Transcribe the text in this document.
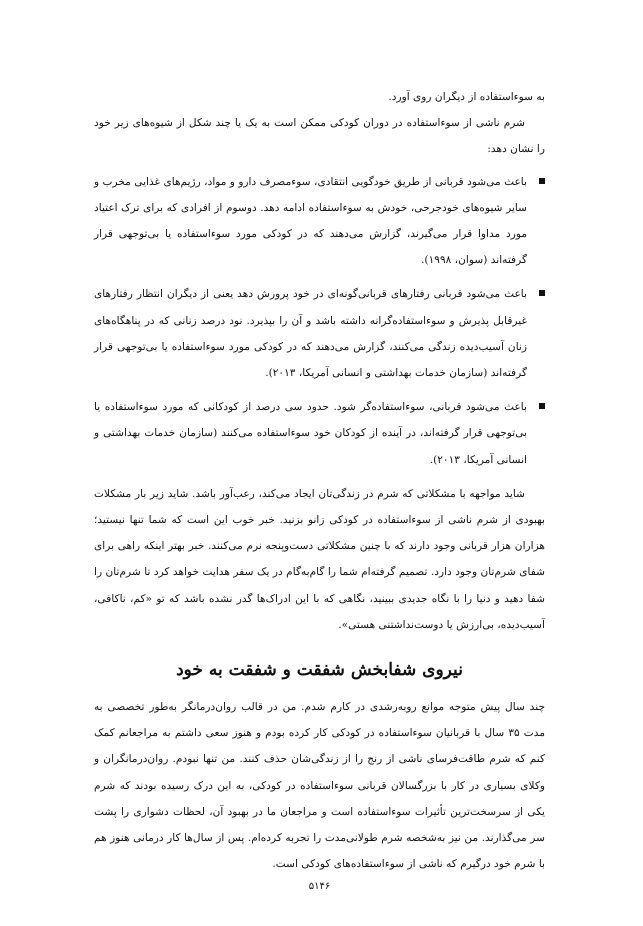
به سوءاستفاده از دیگران روی آورد.

شرم ناشی از سوءاستفاده در دوران کودکی ممکن است به یک یا چند شکل از شیوه‌های زیر خود را نشان دهد:

باعث می‌شود قربانی از طریق خودگویی انتقادی، سوءمصرف دارو و مواد، رژیم‌های غذایی مخرب و سایر شیوه‌های خودجرحی، خودش به سوءاستفاده ادامه دهد. دوسوم از افرادی که برای ترک اعتیاد مورد مداوا قرار می‌گیرند، گزارش می‌دهند که در کودکی مورد سوءاستفاده یا بی‌توجهی قرار گرفته‌اند (سوان، ۱۹۹۸).
باعث می‌شود قربانی رفتارهای قربانی‌گونه‌ای در خود پرورش دهد یعنی از دیگران انتظار رفتارهای غیرقابل پذیرش و سوءاستفاده‌گرانه داشته باشد و آن را بپذیرد. نود درصد زنانی که در پناهگاه‌های زنان آسیب‌دیده زندگی می‌کنند، گزارش می‌دهند که در کودکی مورد سوءاستفاده یا بی‌توجهی قرار گرفته‌اند (سازمان خدمات بهداشتی و انسانی آمریکا، ۲۰۱۳).
باعث می‌شود قربانی، سوءاستفاده‌گر شود. حدود سی درصد از کودکانی که مورد سوءاستفاده یا بی‌توجهی قرار گرفته‌اند، در آینده از کودکان خود سوءاستفاده می‌کنند (سازمان خدمات بهداشتی و انسانی آمریکا، ۲۰۱۳).

شاید مواجهه با مشکلاتی که شرم در زندگی‌تان ایجاد می‌کند، رعب‌آور باشد. شاید زیر بار مشکلات بهبودی از شرم ناشی از سوءاستفاده در کودکی زانو بزنید. خبر خوب این است که شما تنها نیستید؛ هزاران هزار قربانی وجود دارند که با چنین مشکلاتی دست‌وپنجه نرم می‌کنند. خبر بهتر اینکه راهی برای شفای شرم‌تان وجود دارد. تصمیم‌ گرفته‌ام شما را گام‌به‌گام در یک سفر هدایت خواهد کرد تا شرم‌تان را شفا دهید و دنیا را با نگاه جدیدی ببینید، نگاهی که با این ادراک‌ها گدر نشده باشد که تو «کم، ناکافی، آسیب‌دیده، بی‌ارزش یا دوست‌نداشتنی هستی».

نیروی شفابخش شفقت و شفقت به خود

چند سال پیش متوجه موانع روبه‌رشدی در کارم شدم. من در قالب روان‌درمانگر به‌طور تخصصی به مدت ۳۵ سال با قربانیان سوءاستفاده در کودکی کار کرده بودم و هنوز سعی داشتم به مراجعانم کمک کنم که شرم طاقت‌فرسای ناشی از رنج را از زندگی‌شان حذف کنند. من تنها نبودم. روان‌درمانگران و وکلای بسیاری در کار با بزرگسالان قربانی سوءاستفاده در کودکی، به این درک رسیده بودند که شرم یکی از سرسخت‌ترین تأثیرات سوءاستفاده است و مراجعان ما در بهبود آن، لحظات دشواری را پشت سر می‌گذارند. من نیز به‌شخصه شرم طولانی‌مدت را تجربه کرده‌ام. پس از سال‌ها کار درمانی هنوز هم با شرم خود درگیرم که ناشی از سوءاستفاده‌های کودکی است.

۵۱۴۶
